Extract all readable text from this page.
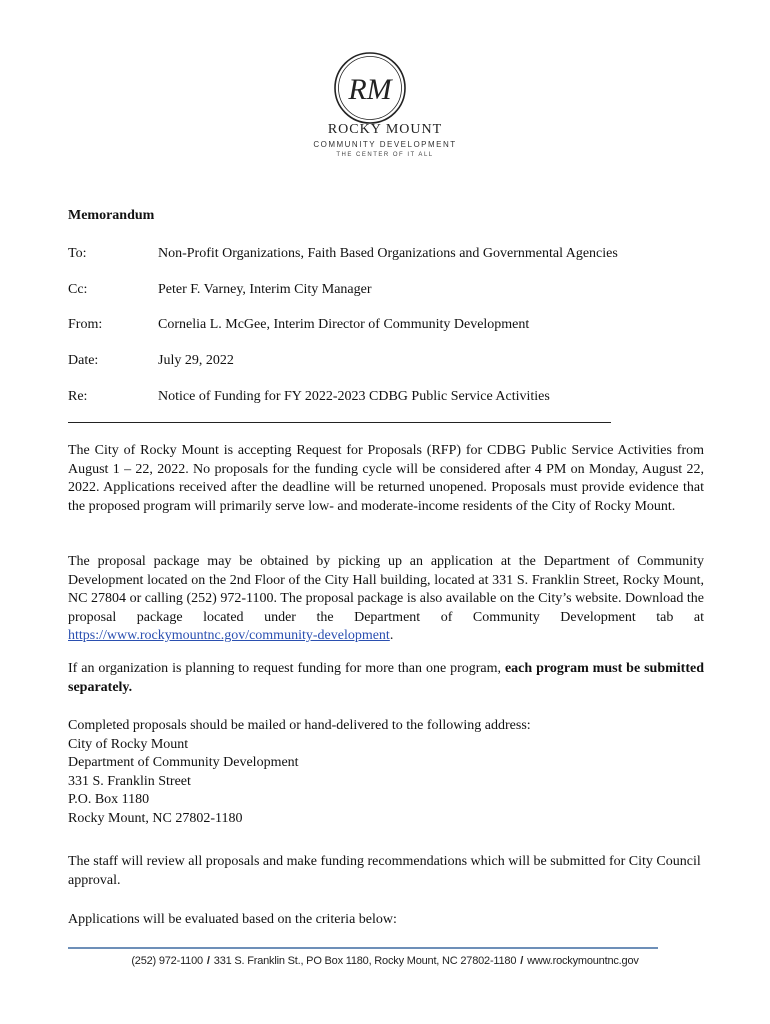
RM
ROCKY MOUNT
COMMUNITY DEVELOPMENT
THE CENTER OF IT ALL

Memorandum

To:	Non-Profit Organizations, Faith Based Organizations and Governmental Agencies
Cc:	Peter F. Varney, Interim City Manager
From:	Cornelia L. McGee, Interim Director of Community Development
Date:	July 29, 2022
Re:	Notice of Funding for FY 2022-2023 CDBG Public Service Activities

The City of Rocky Mount is accepting Request for Proposals (RFP) for CDBG Public Service Activities from August 1 – 22, 2022. No proposals for the funding cycle will be considered after 4 PM on Monday, August 22, 2022. Applications received after the deadline will be returned unopened. Proposals must provide evidence that the proposed program will primarily serve low- and moderate-income residents of the City of Rocky Mount.

The proposal package may be obtained by picking up an application at the Department of Community Development located on the 2nd Floor of the City Hall building, located at 331 S. Franklin Street, Rocky Mount, NC 27804 or calling (252) 972-1100. The proposal package is also available on the City’s website. Download the proposal package located under the Department of Community Development tab at https://www.rockymountnc.gov/community-development.

If an organization is planning to request funding for more than one program, each program must be submitted separately.

Completed proposals should be mailed or hand-delivered to the following address:
City of Rocky Mount
Department of Community Development
331 S. Franklin Street
P.O. Box 1180
Rocky Mount, NC 27802-1180

The staff will review all proposals and make funding recommendations which will be submitted for City Council approval.

Applications will be evaluated based on the criteria below:

(252) 972-1100 / 331 S. Franklin St., PO Box 1180, Rocky Mount, NC 27802-1180 / www.rockymountnc.gov
